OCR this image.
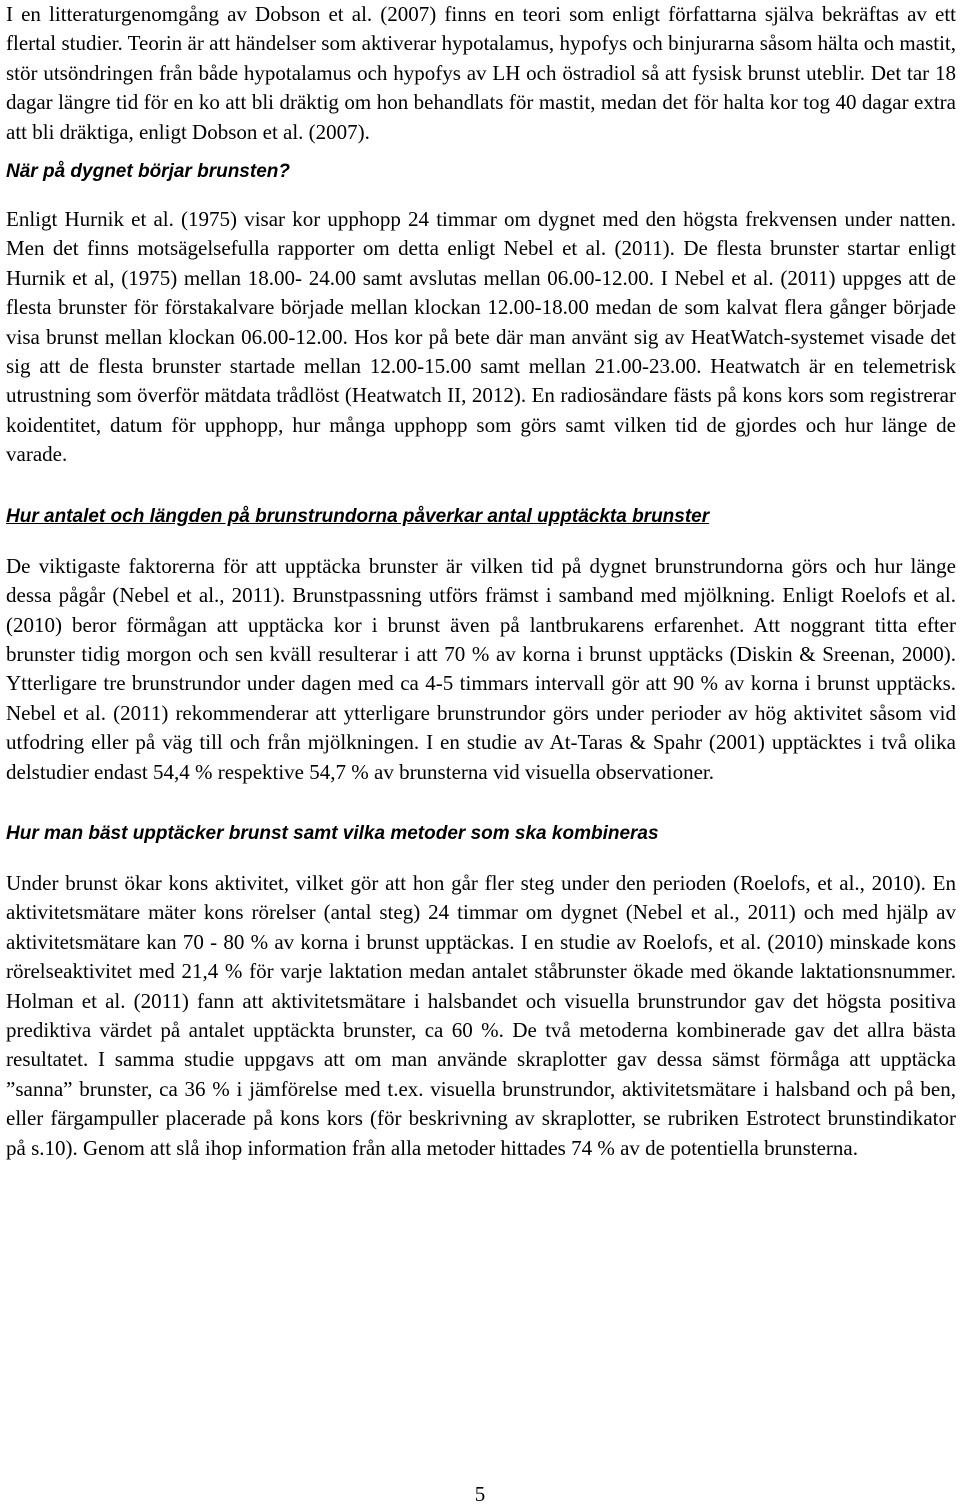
I en litteraturgenomgång av Dobson et al. (2007) finns en teori som enligt författarna själva bekräftas av ett flertal studier. Teorin är att händelser som aktiverar hypotalamus, hypofys och binjurarna såsom hälta och mastit, stör utsöndringen från både hypotalamus och hypofys av LH och östradiol så att fysisk brunst uteblir. Det tar 18 dagar längre tid för en ko att bli dräktig om hon behandlats för mastit, medan det för halta kor tog 40 dagar extra att bli dräktiga, enligt Dobson et al. (2007).

När på dygnet börjar brunsten?

Enligt Hurnik et al. (1975) visar kor upphopp 24 timmar om dygnet med den högsta frekvensen under natten. Men det finns motsägelsefulla rapporter om detta enligt Nebel et al. (2011). De flesta brunster startar enligt Hurnik et al, (1975) mellan 18.00- 24.00 samt avslutas mellan 06.00-12.00. I Nebel et al. (2011) uppges att de flesta brunster för förstakalvare började mellan klockan 12.00-18.00 medan de som kalvat flera gånger började visa brunst mellan klockan 06.00-12.00. Hos kor på bete där man använt sig av HeatWatch-systemet visade det sig att de flesta brunster startade mellan 12.00-15.00 samt mellan 21.00-23.00. Heatwatch är en telemetrisk utrustning som överför mätdata trådlöst (Heatwatch II, 2012). En radiosändare fästs på kons kors som registrerar koidentitet, datum för upphopp, hur många upphopp som görs samt vilken tid de gjordes och hur länge de varade.

Hur antalet och längden på brunstrundorna påverkar antal upptäckta brunster

De viktigaste faktorerna för att upptäcka brunster är vilken tid på dygnet brunstrundorna görs och hur länge dessa pågår (Nebel et al., 2011). Brunstpassning utförs främst i samband med mjölkning. Enligt Roelofs et al. (2010) beror förmågan att upptäcka kor i brunst även på lantbrukarens erfarenhet. Att noggrant titta efter brunster tidig morgon och sen kväll resulterar i att 70 % av korna i brunst upptäcks (Diskin & Sreenan, 2000). Ytterligare tre brunstrundor under dagen med ca 4-5 timmars intervall gör att 90 % av korna i brunst upptäcks. Nebel et al. (2011) rekommenderar att ytterligare brunstrundor görs under perioder av hög aktivitet såsom vid utfodring eller på väg till och från mjölkningen. I en studie av At-Taras & Spahr (2001) upptäcktes i två olika delstudier endast 54,4 % respektive 54,7 % av brunsterna vid visuella observationer.

Hur man bäst upptäcker brunst samt vilka metoder som ska kombineras

Under brunst ökar kons aktivitet, vilket gör att hon går fler steg under den perioden (Roelofs, et al., 2010). En aktivitetsmätare mäter kons rörelser (antal steg) 24 timmar om dygnet (Nebel et al., 2011) och med hjälp av aktivitetsmätare kan 70 - 80 % av korna i brunst upptäckas. I en studie av Roelofs, et al. (2010) minskade kons rörelseaktivitet med 21,4 % för varje laktation medan antalet ståbrunster ökade med ökande laktationsnummer. Holman et al. (2011) fann att aktivitetsmätare i halsbandet och visuella brunstrundor gav det högsta positiva prediktiva värdet på antalet upptäckta brunster, ca 60 %. De två metoderna kombinerade gav det allra bästa resultatet. I samma studie uppgavs att om man använde skraplotter gav dessa sämst förmåga att upptäcka ”sanna” brunster, ca 36 % i jämförelse med t.ex. visuella brunstrundor, aktivitetsmätare i halsband och på ben, eller färgampuller placerade på kons kors (för beskrivning av skraplotter, se rubriken Estrotect brunstindikator på s.10). Genom att slå ihop information från alla metoder hittades 74 % av de potentiella brunsterna.

5
